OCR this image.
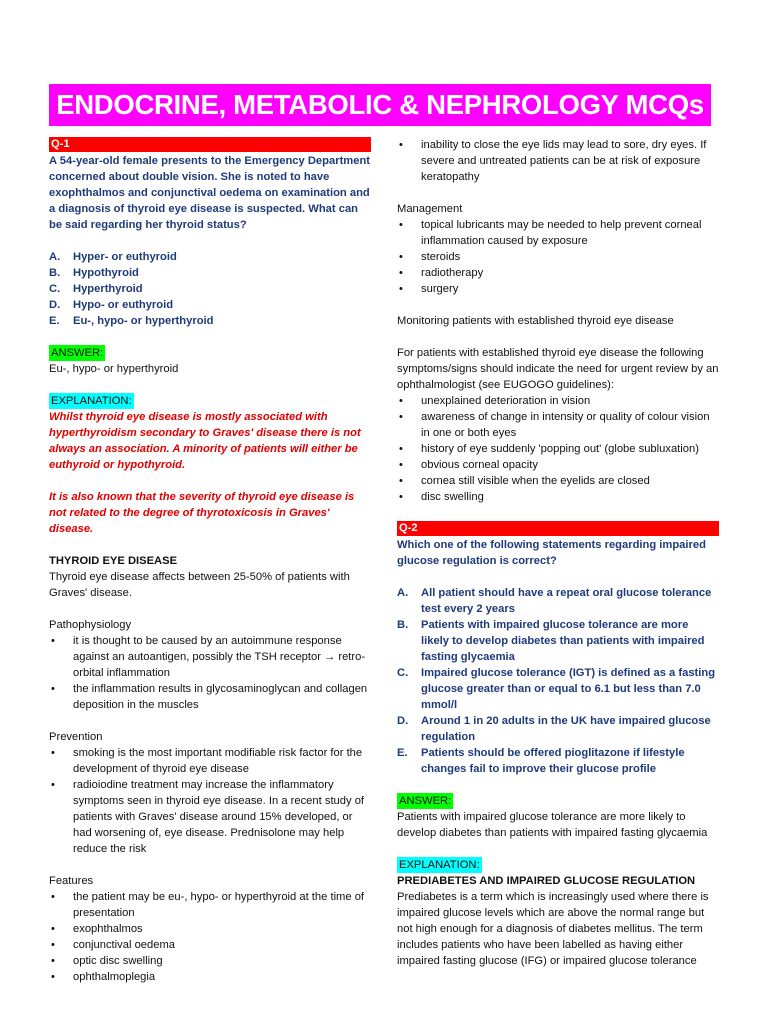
ENDOCRINE, METABOLIC & NEPHROLOGY MCQs
Q-1
A 54-year-old female presents to the Emergency Department concerned about double vision. She is noted to have exophthalmos and conjunctival oedema on examination and a diagnosis of thyroid eye disease is suspected. What can be said regarding her thyroid status?
A.	Hyper- or euthyroid
B.	Hypothyroid
C.	Hyperthyroid
D.	Hypo- or euthyroid
E.	Eu-, hypo- or hyperthyroid
ANSWER:
Eu-, hypo- or hyperthyroid
EXPLANATION:
Whilst thyroid eye disease is mostly associated with hyperthyroidism secondary to Graves' disease there is not always an association. A minority of patients will either be euthyroid or hypothyroid.
It is also known that the severity of thyroid eye disease is not related to the degree of thyrotoxicosis in Graves' disease.
THYROID EYE DISEASE
Thyroid eye disease affects between 25-50% of patients with Graves' disease.
Pathophysiology
•	it is thought to be caused by an autoimmune response against an autoantigen, possibly the TSH receptor → retro-orbital inflammation
•	the inflammation results in glycosaminoglycan and collagen deposition in the muscles
Prevention
•	smoking is the most important modifiable risk factor for the development of thyroid eye disease
•	radioiodine treatment may increase the inflammatory symptoms seen in thyroid eye disease. In a recent study of patients with Graves' disease around 15% developed, or had worsening of, eye disease. Prednisolone may help reduce the risk
Features
•	the patient may be eu-, hypo- or hyperthyroid at the time of presentation
•	exophthalmos
•	conjunctival oedema
•	optic disc swelling
•	ophthalmoplegia
•	inability to close the eye lids may lead to sore, dry eyes. If severe and untreated patients can be at risk of exposure keratopathy
Management
•	topical lubricants may be needed to help prevent corneal inflammation caused by exposure
•	steroids
•	radiotherapy
•	surgery
Monitoring patients with established thyroid eye disease
For patients with established thyroid eye disease the following symptoms/signs should indicate the need for urgent review by an ophthalmologist (see EUGOGO guidelines):
•	unexplained deterioration in vision
•	awareness of change in intensity or quality of colour vision in one or both eyes
•	history of eye suddenly 'popping out' (globe subluxation)
•	obvious corneal opacity
•	cornea still visible when the eyelids are closed
•	disc swelling
Q-2
Which one of the following statements regarding impaired glucose regulation is correct?
A.	All patient should have a repeat oral glucose tolerance test every 2 years
B.	Patients with impaired glucose tolerance are more likely to develop diabetes than patients with impaired fasting glycaemia
C.	Impaired glucose tolerance (IGT) is defined as a fasting glucose greater than or equal to 6.1 but less than 7.0 mmol/l
D.	Around 1 in 20 adults in the UK have impaired glucose regulation
E.	Patients should be offered pioglitazone if lifestyle changes fail to improve their glucose profile
ANSWER:
Patients with impaired glucose tolerance are more likely to develop diabetes than patients with impaired fasting glycaemia
EXPLANATION:
PREDIABETES AND IMPAIRED GLUCOSE REGULATION
Prediabetes is a term which is increasingly used where there is impaired glucose levels which are above the normal range but not high enough for a diagnosis of diabetes mellitus. The term includes patients who have been labelled as having either impaired fasting glucose (IFG) or impaired glucose tolerance
